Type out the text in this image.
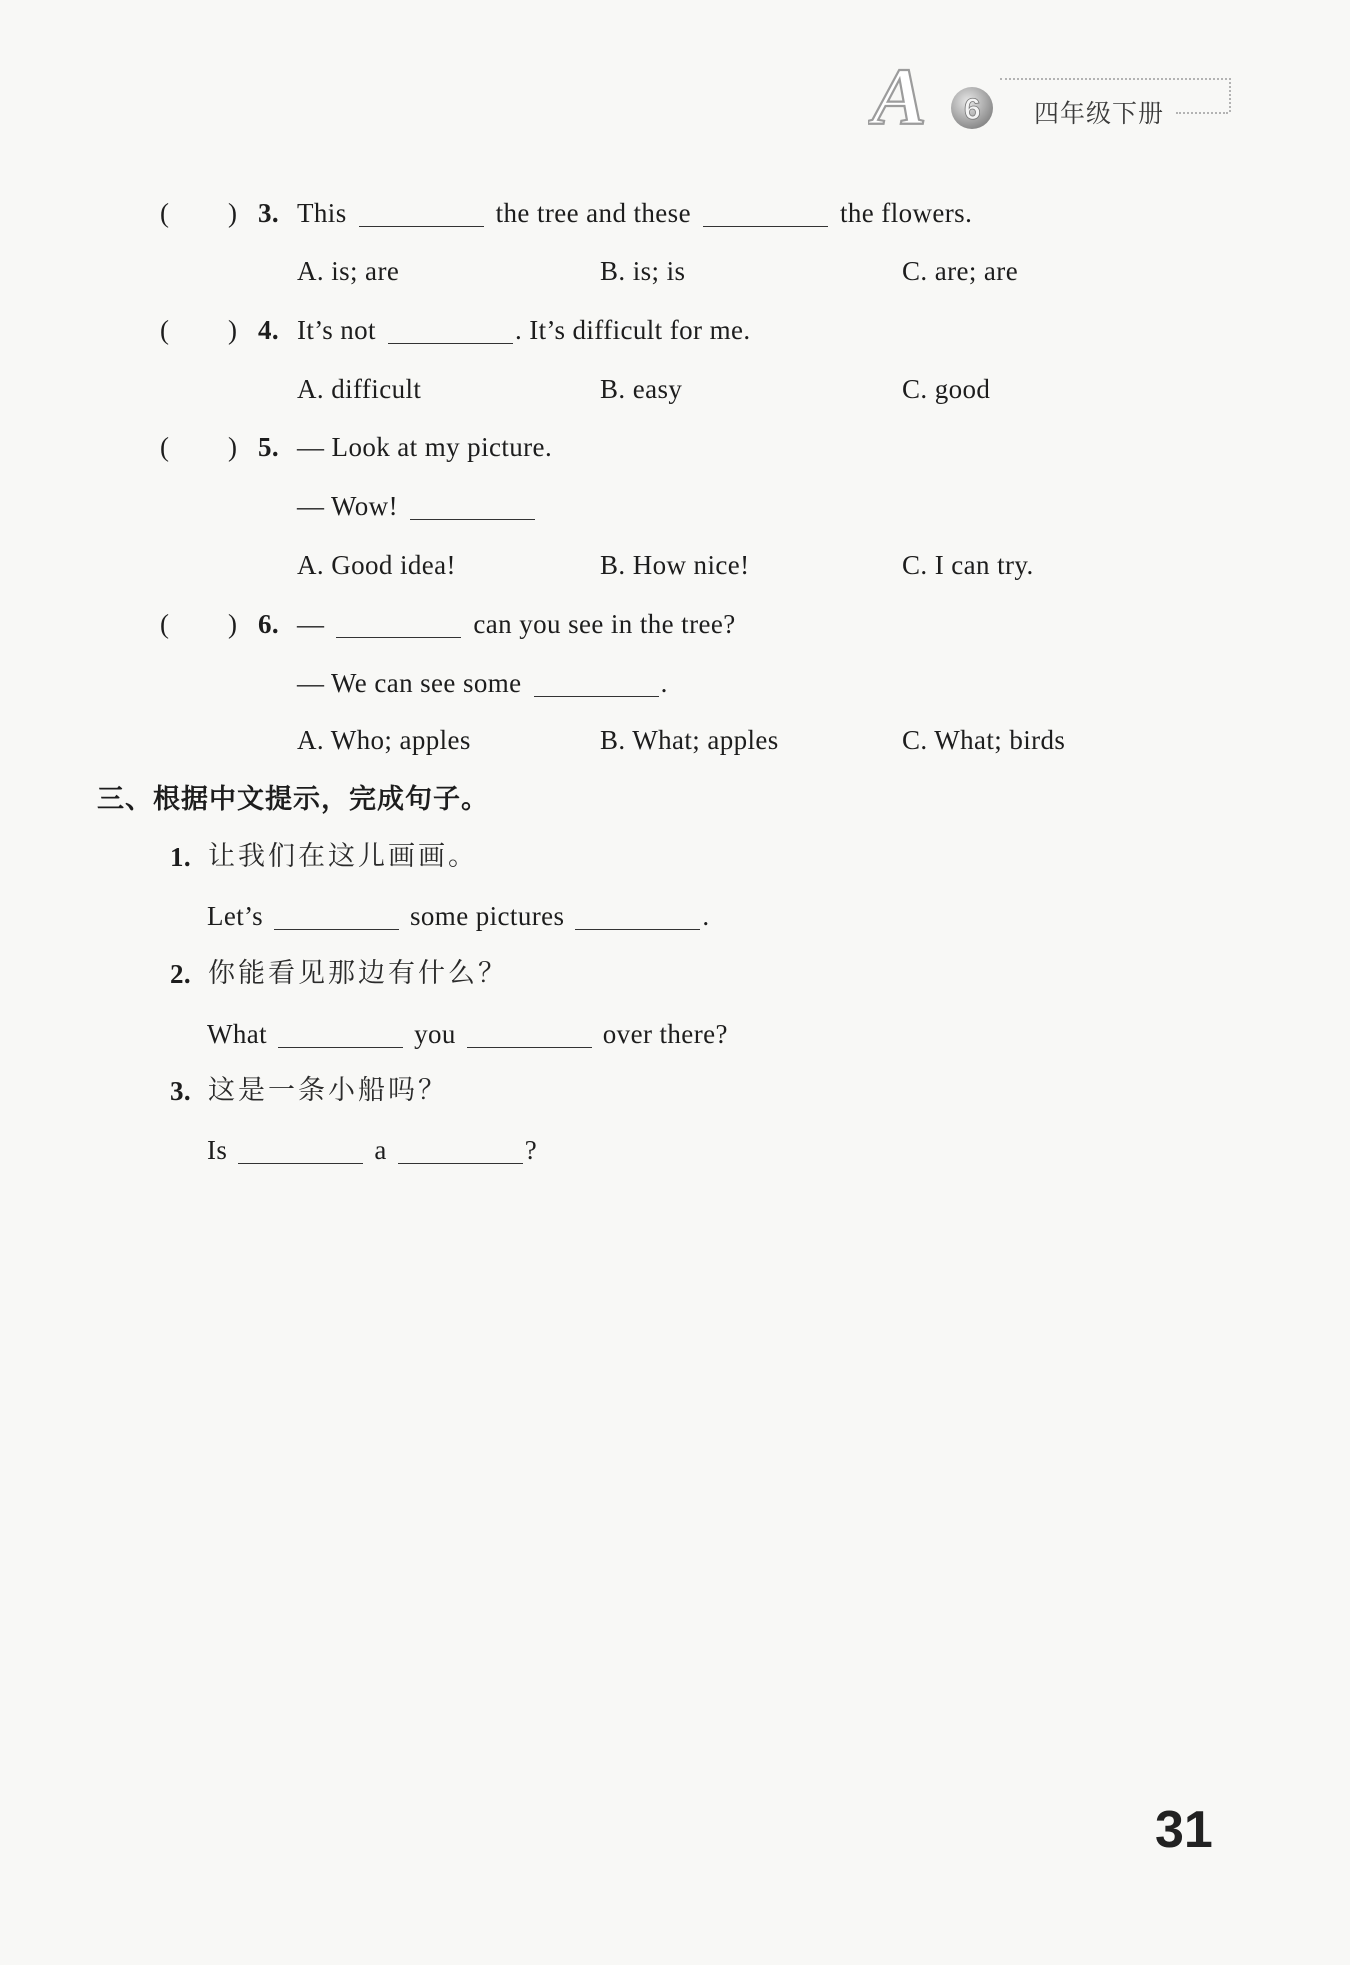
A 6 四年级下册
( ) 3. This	the tree and these	the flowers.
A. is; are	B. is; is	C. are; are
( ) 4. It’s not	. It’s difficult for me.
A. difficult	B. easy	C. good
( ) 5. — Look at my picture.
— Wow!
A. Good idea!	B. How nice!	C. I can try.
( ) 6. —	can you see in the tree?
— We can see some	.
A. Who; apples	B. What; apples	C. What; birds
三、根据中文提示，完成句子。
1. 让我们在这儿画画。
Let’s	some pictures	.
2. 你能看见那边有什么？
What	you	over there?
3. 这是一条小船吗？
Is	a	?
31
